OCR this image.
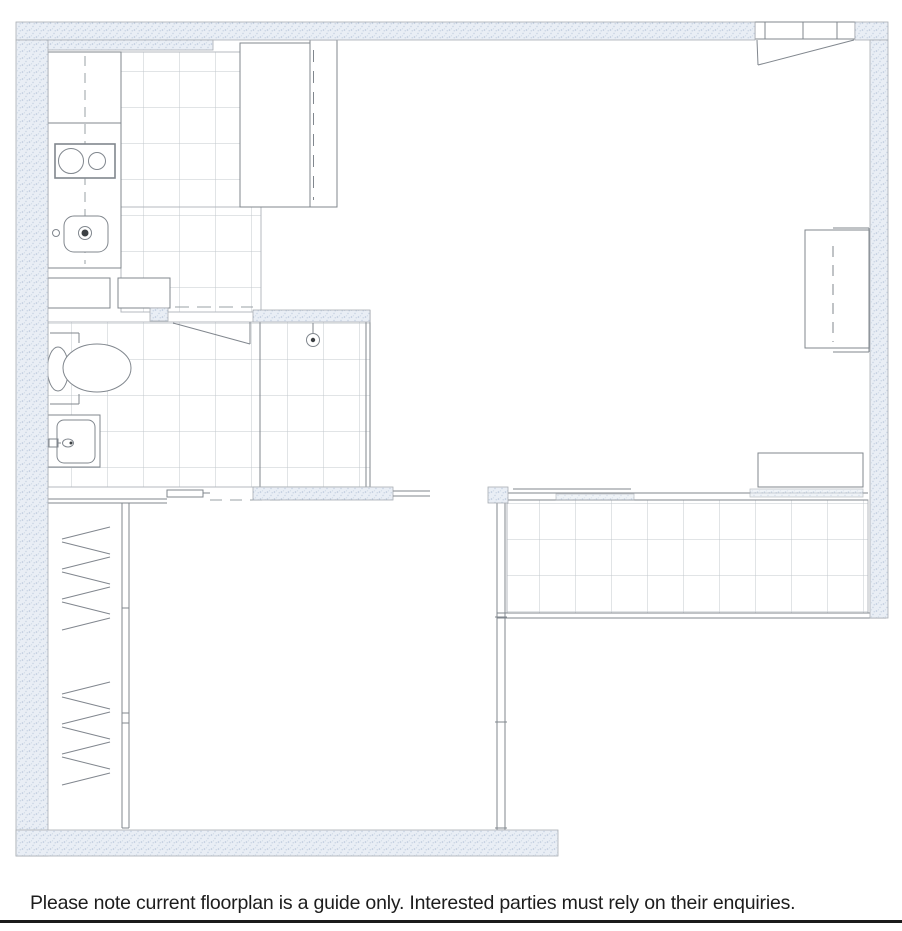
Please note current floorplan is a guide only. Interested parties must rely on their enquiries.
